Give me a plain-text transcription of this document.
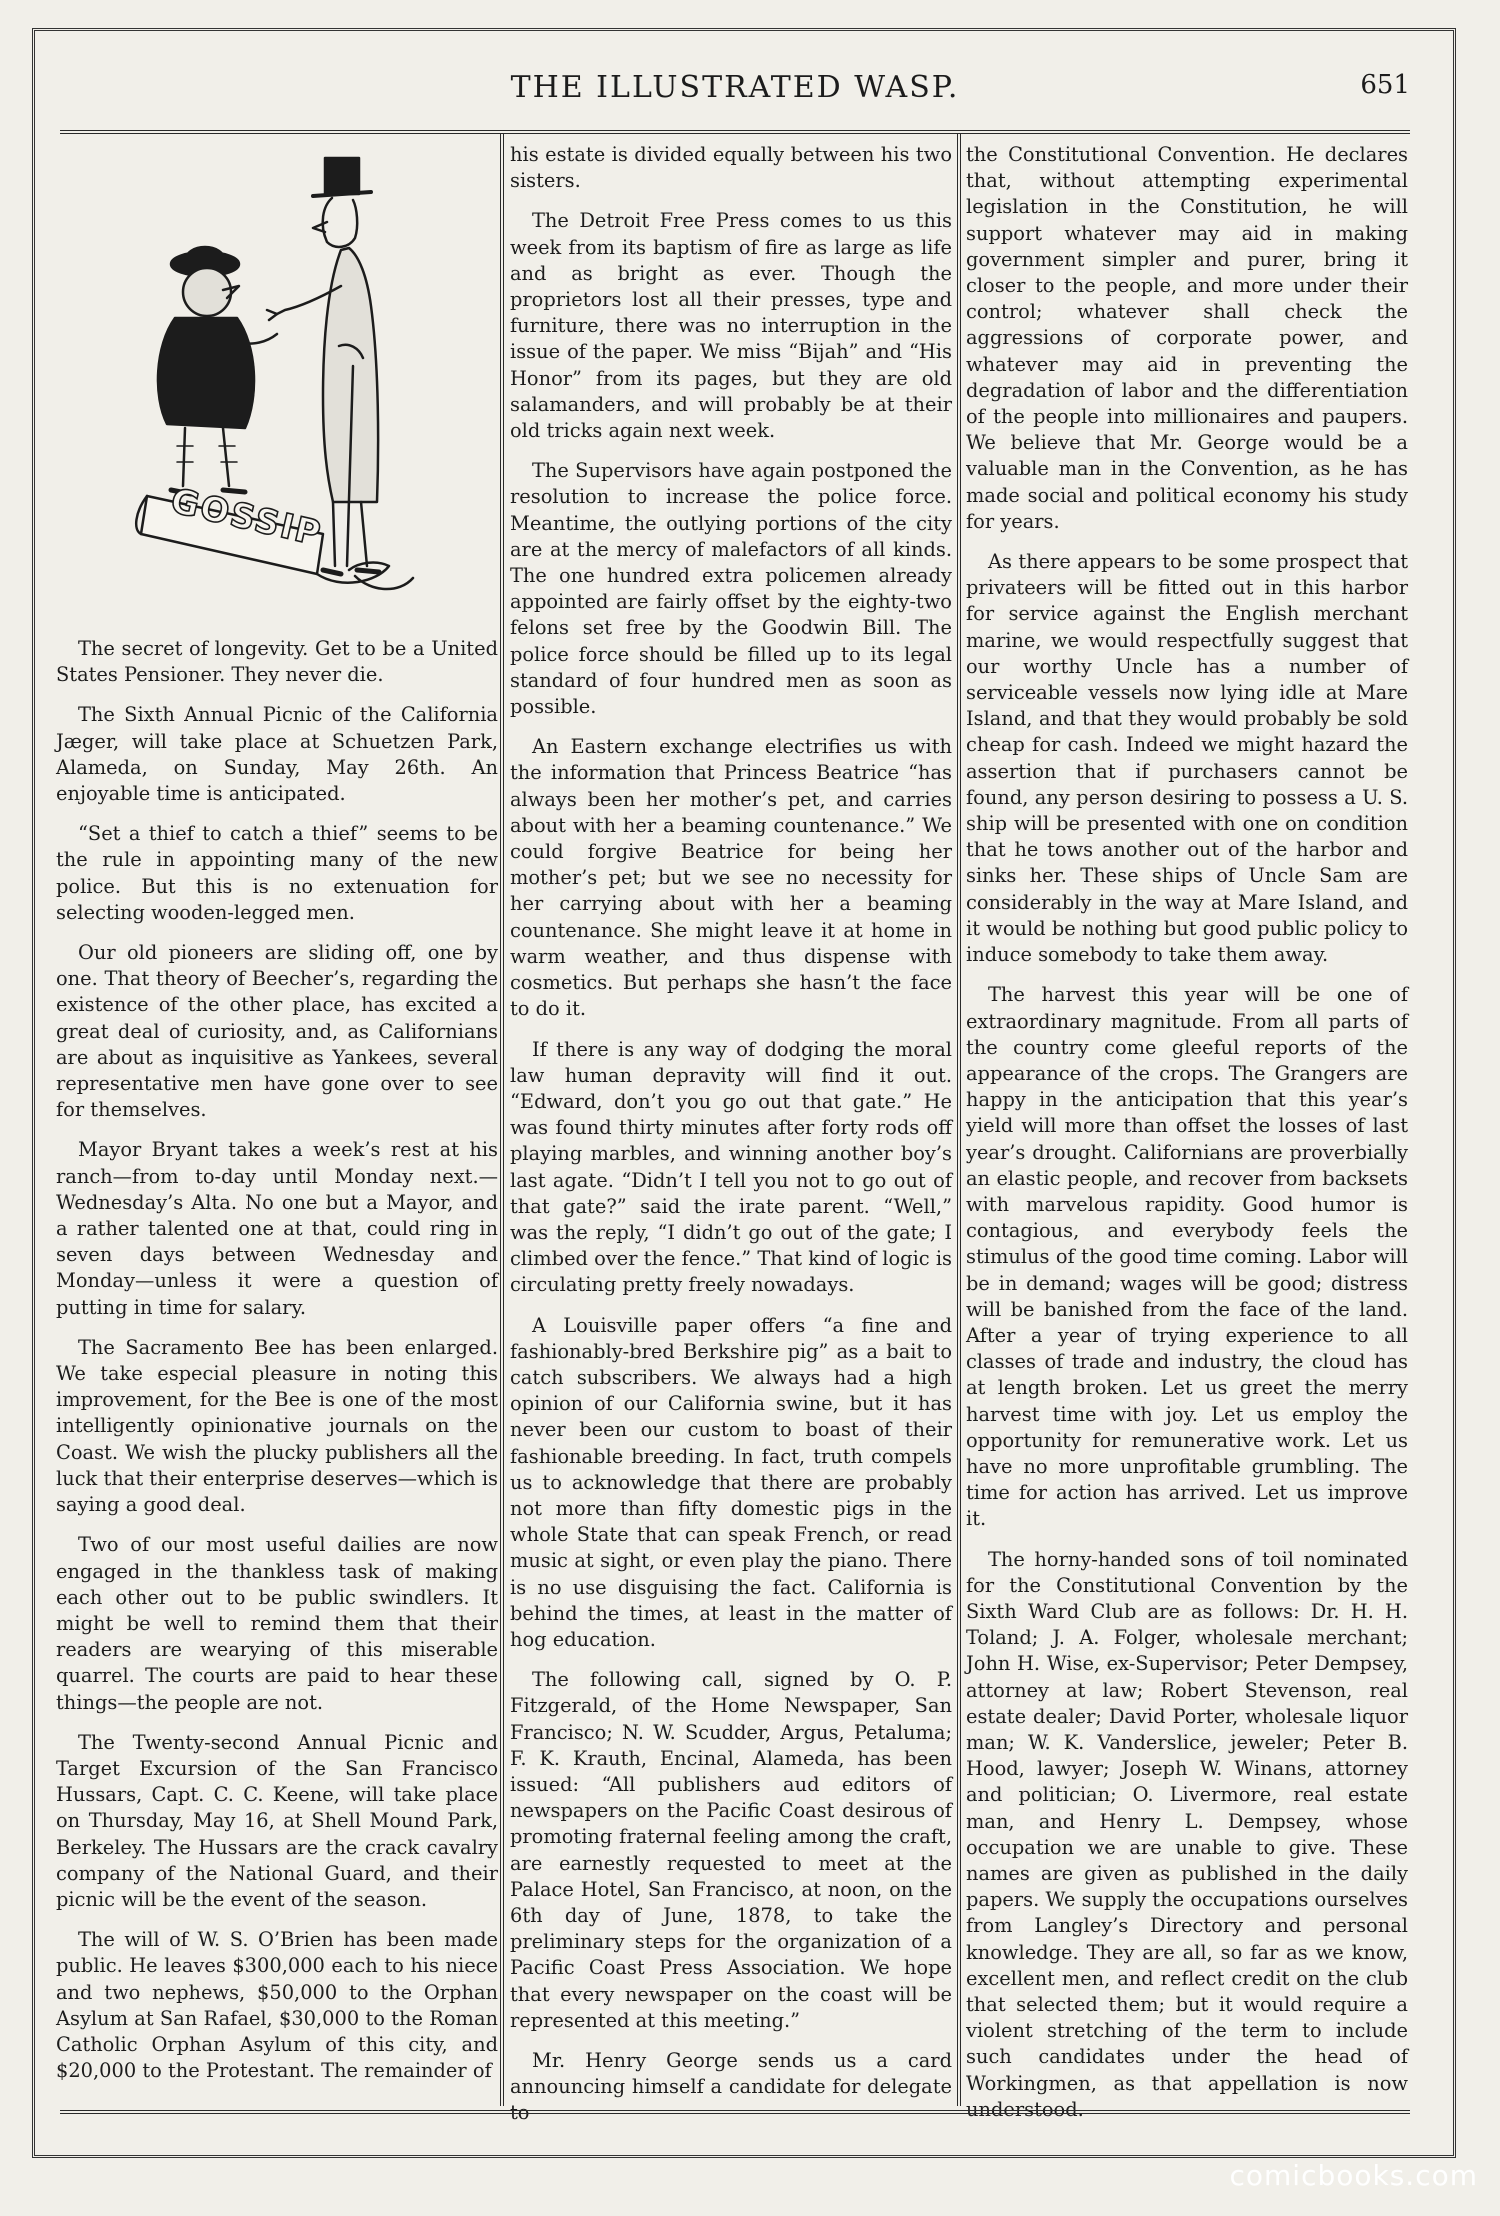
THE ILLUSTRATED WASP.	651
GOSSIP

The secret of longevity. Get to be a United States Pensioner. They never die.

The Sixth Annual Picnic of the California Jæger, will take place at Schuetzen Park, Alameda, on Sunday, May 26th. An enjoyable time is anticipated.

“Set a thief to catch a thief” seems to be the rule in appointing many of the new police. But this is no extenuation for selecting wooden-legged men.

Our old pioneers are sliding off, one by one. That theory of Beecher’s, regarding the existence of the other place, has excited a great deal of curiosity, and, as Californians are about as inquisitive as Yankees, several representative men have gone over to see for themselves.

Mayor Bryant takes a week’s rest at his ranch—from to-day until Monday next.—Wednesday’s Alta. No one but a Mayor, and a rather talented one at that, could ring in seven days between Wednesday and Monday—unless it were a question of putting in time for salary.

The Sacramento Bee has been enlarged. We take especial pleasure in noting this improvement, for the Bee is one of the most intelligently opinionative journals on the Coast. We wish the plucky publishers all the luck that their enterprise deserves—which is saying a good deal.

Two of our most useful dailies are now engaged in the thankless task of making each other out to be public swindlers. It might be well to remind them that their readers are wearying of this miserable quarrel. The courts are paid to hear these things—the people are not.

The Twenty-second Annual Picnic and Target Excursion of the San Francisco Hussars, Capt. C. C. Keene, will take place on Thursday, May 16, at Shell Mound Park, Berkeley. The Hussars are the crack cavalry company of the National Guard, and their picnic will be the event of the season.

The will of W. S. O’Brien has been made public. He leaves $300,000 each to his niece and two nephews, $50,000 to the Orphan Asylum at San Rafael, $30,000 to the Roman Catholic Orphan Asylum of this city, and $20,000 to the Protestant. The remainder of

his estate is divided equally between his two sisters.

The Detroit Free Press comes to us this week from its baptism of fire as large as life and as bright as ever. Though the proprietors lost all their presses, type and furniture, there was no interruption in the issue of the paper. We miss “Bijah” and “His Honor” from its pages, but they are old salamanders, and will probably be at their old tricks again next week.

The Supervisors have again postponed the resolution to increase the police force. Meantime, the outlying portions of the city are at the mercy of malefactors of all kinds. The one hundred extra policemen already appointed are fairly offset by the eighty-two felons set free by the Goodwin Bill. The police force should be filled up to its legal standard of four hundred men as soon as possible.

An Eastern exchange electrifies us with the information that Princess Beatrice “has always been her mother’s pet, and carries about with her a beaming countenance.” We could forgive Beatrice for being her mother’s pet; but we see no necessity for her carrying about with her a beaming countenance. She might leave it at home in warm weather, and thus dispense with cosmetics. But perhaps she hasn’t the face to do it.

If there is any way of dodging the moral law human depravity will find it out. “Edward, don’t you go out that gate.” He was found thirty minutes after forty rods off playing marbles, and winning another boy’s last agate. “Didn’t I tell you not to go out of that gate?” said the irate parent. “Well,” was the reply, “I didn’t go out of the gate; I climbed over the fence.” That kind of logic is circulating pretty freely nowadays.

A Louisville paper offers “a fine and fashionably-bred Berkshire pig” as a bait to catch subscribers. We always had a high opinion of our California swine, but it has never been our custom to boast of their fashionable breeding. In fact, truth compels us to acknowledge that there are probably not more than fifty domestic pigs in the whole State that can speak French, or read music at sight, or even play the piano. There is no use disguising the fact. California is behind the times, at least in the matter of hog education.

The following call, signed by O. P. Fitzgerald, of the Home Newspaper, San Francisco; N. W. Scudder, Argus, Petaluma; F. K. Krauth, Encinal, Alameda, has been issued: “All publishers aud editors of newspapers on the Pacific Coast desirous of promoting fraternal feeling among the craft, are earnestly requested to meet at the Palace Hotel, San Francisco, at noon, on the 6th day of June, 1878, to take the preliminary steps for the organization of a Pacific Coast Press Association. We hope that every newspaper on the coast will be represented at this meeting.”

Mr. Henry George sends us a card announcing himself a candidate for delegate to

the Constitutional Convention. He declares that, without attempting experimental legislation in the Constitution, he will support whatever may aid in making government simpler and purer, bring it closer to the people, and more under their control; whatever shall check the aggressions of corporate power, and whatever may aid in preventing the degradation of labor and the differentiation of the people into millionaires and paupers. We believe that Mr. George would be a valuable man in the Convention, as he has made social and political economy his study for years.

As there appears to be some prospect that privateers will be fitted out in this harbor for service against the English merchant marine, we would respectfully suggest that our worthy Uncle has a number of serviceable vessels now lying idle at Mare Island, and that they would probably be sold cheap for cash. Indeed we might hazard the assertion that if purchasers cannot be found, any person desiring to possess a U. S. ship will be presented with one on condition that he tows another out of the harbor and sinks her. These ships of Uncle Sam are considerably in the way at Mare Island, and it would be nothing but good public policy to induce somebody to take them away.

The harvest this year will be one of extraordinary magnitude. From all parts of the country come gleeful reports of the appearance of the crops. The Grangers are happy in the anticipation that this year’s yield will more than offset the losses of last year’s drought. Californians are proverbially an elastic people, and recover from backsets with marvelous rapidity. Good humor is contagious, and everybody feels the stimulus of the good time coming. Labor will be in demand; wages will be good; distress will be banished from the face of the land. After a year of trying experience to all classes of trade and industry, the cloud has at length broken. Let us greet the merry harvest time with joy. Let us employ the opportunity for remunerative work. Let us have no more unprofitable grumbling. The time for action has arrived. Let us improve it.

The horny-handed sons of toil nominated for the Constitutional Convention by the Sixth Ward Club are as follows: Dr. H. H. Toland; J. A. Folger, wholesale merchant; John H. Wise, ex-Supervisor; Peter Dempsey, attorney at law; Robert Stevenson, real estate dealer; David Porter, wholesale liquor man; W. K. Vanderslice, jeweler; Peter B. Hood, lawyer; Joseph W. Winans, attorney and politician; O. Livermore, real estate man, and Henry L. Dempsey, whose occupation we are unable to give. These names are given as published in the daily papers. We supply the occupations ourselves from Langley’s Directory and personal knowledge. They are all, so far as we know, excellent men, and reflect credit on the club that selected them; but it would require a violent stretching of the term to include such candidates under the head of Workingmen, as that appellation is now understood.

comicbooks.com
